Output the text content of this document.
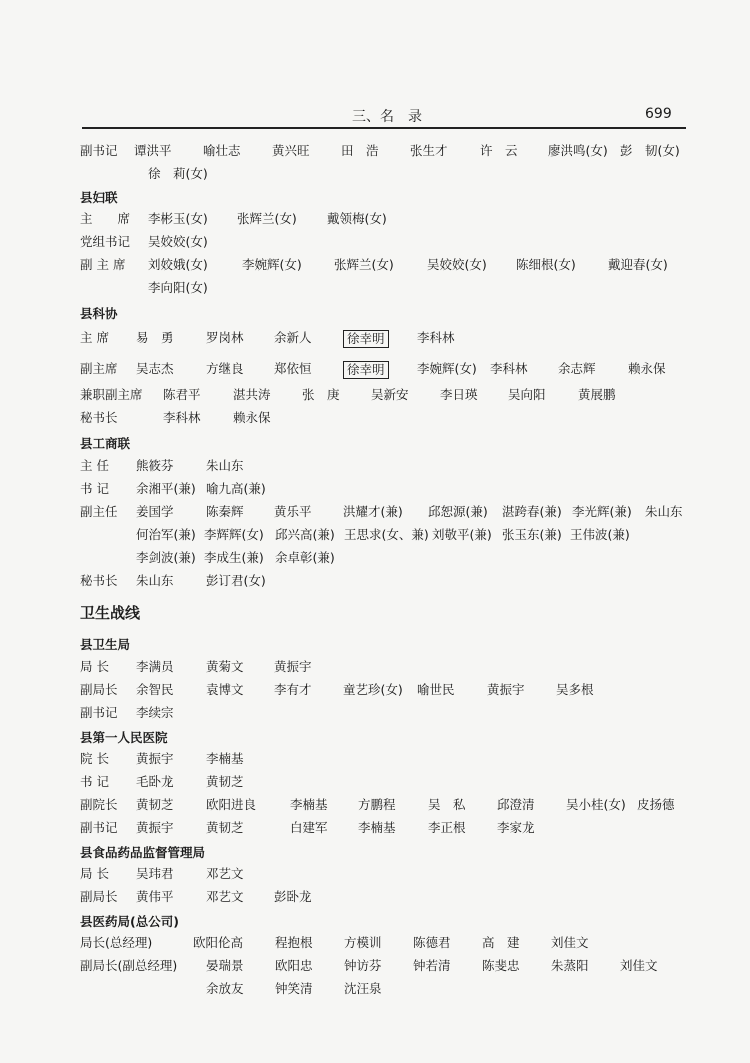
三、名　录	699
副书记 谭洪平	喻壮志	黄兴旺	田　浩	张生才	许　云 廖洪鸣(女) 彭　韧(女)
徐　莉(女)
县妇联
主　　席 李彬玉(女) 张辉兰(女) 戴领梅(女)
党组书记 吴姣姣(女)
副 主 席 刘姣娥(女)	李婉辉(女)	张辉兰(女)	吴姣姣(女) 陈细根(女)	戴迎春(女)
李向阳(女)
县科协
主 席 易　勇	罗岗林 余新人	徐幸明	李科林
副主席 吴志杰	方继良 郑依恒	徐幸明	李婉辉(女) 李科林 余志辉	赖永保
兼职副主席 陈君平	湛共涛	张　庚	吴新安	李日瑛 吴向阳	黄展鹏
秘书长	李科林	赖永保
县工商联
主 任 熊筱芬	朱山东
书 记 余湘平(兼) 喻九高(兼)
副主任 姜国学	陈秦辉 黄乐平	洪耀才(兼) 邱恕源(兼) 湛跨春(兼) 李光辉(兼) 朱山东
何治军(兼) 李辉辉(女) 邱兴高(兼) 王思求(女、兼) 刘敬平(兼) 张玉东(兼) 王伟波(兼)
李剑波(兼) 李成生(兼) 余卓彰(兼)
秘书长 朱山东	彭订君(女)
卫生战线
县卫生局
局 长 李满员	黄菊文 黄振宇
副局长 余智民	袁博文 李有才	童艺珍(女) 喻世民	黄振宇	吴多根
副书记 李续宗
县第一人民医院
院 长 黄振宇	李楠基
书 记 毛卧龙	黄韧芝
副院长 黄韧芝	欧阳进良	李楠基 方鹏程	吴　私	邱澄清	吴小桂(女) 皮扬德
副书记 黄振宇	黄韧芝	白建军 李楠基	李正根	李家龙
县食品药品监督管理局
局 长 吴玮君	邓艺文
副局长 黄伟平	邓艺文 彭卧龙
县医药局(总公司)
局长(总经理)	欧阳伦高	程抱根	方模训	陈德君	高　建	刘佳文
副局长(副总经理) 晏瑞景	欧阳忠	钟访芬	钟若清	陈斐忠	朱蒸阳	刘佳文
余放友	钟笑清	沈汪泉
